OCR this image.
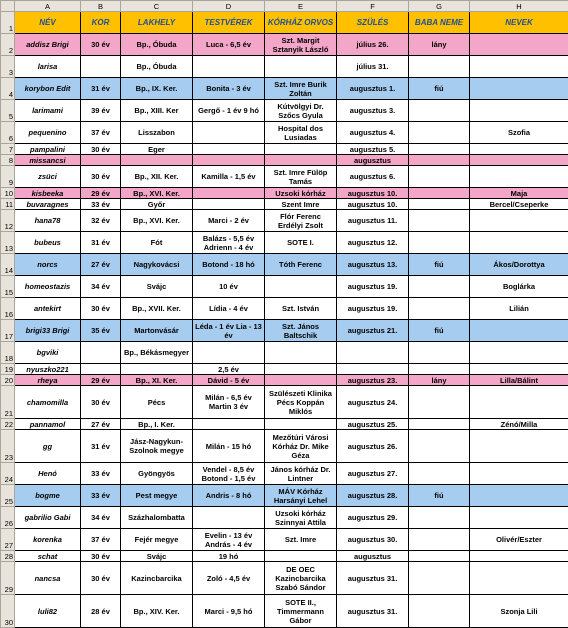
	A	B	C	D	E	F	G	H
1	NÉV	KOR	LAKHELY	TESTVÉREK	KÓRHÁZ ORVOS	SZÜLÉS	BABA NEME	NEVEK
2	addisz Brigi	30 év	Bp., Óbuda	Luca - 6,5 év	Szt. Margit Sztanyik László	július 26.	lány	
3	larisa		Bp., Óbuda			július 31.		
4	korybon Edit	31 év	Bp., IX. Ker.	Bonita - 3 év	Szt. Imre Burik Zoltán	augusztus 1.	fiú	
5	larimami	39 év	Bp., XIII. Ker	Gergő - 1 év 9 hó	Kútvölgyi Dr. Szőcs Gyula	augusztus 3.		
6	pequenino	37 év	Lisszabon		Hospital dos Lusiadas	augusztus 4.		Szofia
7	pampalini	30 év	Eger			augusztus 5.		
8	missancsi					augusztus		
9	zsüci	30 év	Bp., XII. Ker.	Kamilla - 1,5 év	Szt. Imre Fülöp Tamás	augusztus 6.		
10	kisbeeka	29 év	Bp., XVI. Ker.		Uzsoki kórház	augusztus 10.		Maja
11	buvaragnes	33 év	Győr		Szent Imre	augusztus 10.		Bercel/Cseperke
12	hana78	32 év	Bp., XVI. Ker.	Marci - 2 év	Flór Ferenc Erdélyi Zsolt	augusztus 11.		
13	bubeus	31 év	Fót	Balázs - 5,5 év Adrienn - 4 év	SOTE I.	augusztus 12.		
14	norcs	27 év	Nagykovácsi	Botond - 18 hó	Tóth Ferenc	augusztus 13.	fiú	Ákos/Dorottya
15	homeostazis	34 év	Svájc	10 év		augusztus 19.		Boglárka
16	antekirt	30 év	Bp., XVII. Ker.	Lídia - 4 év	Szt. István	augusztus 19.		Lilián
17	brigi33 Brigi	35 év	Martonvásár	Léda - 1 év Lia - 13 év	Szt. János Baltschik	augusztus 21.	fiú	
18	bgviki		Bp., Békásmegyer					
19	nyuszko221			2,5 év				
20	rheya	29 év	Bp., XI. Ker.	Dávid - 5 év		augusztus 23.	lány	Lilla/Bálint
21	chamomilla	30 év	Pécs	Milán - 6,5 év Martin 3 év	Szülészeti Klinika Pécs Koppán Miklós	augusztus 24.		
22	pannamol	27 év	Bp., I. Ker.			augusztus 25.		Zénó/Milla
23	gg	31 év	Jász-Nagykun-Szolnok megye	Milán - 15 hó	Mezőtúri Városi Kórház Dr. Mike Géza	augusztus 26.		
24	Henó	33 év	Gyöngyös	Vendel - 8,5 év Botond - 1,5 év	János kórház Dr. Lintner	augusztus 27.		
25	bogme	33 év	Pest megye	Andris - 8 hó	MÁV Kórház Harsányi Lehel	augusztus 28.	fiú	
26	gabrilio Gabi	34 év	Százhalombatta		Uzsoki kórház Szinnyai Attila	augusztus 29.		
27	korenka	37 év	Fejér megye	Evelin - 13 év András - 4 év	Szt. Imre	augusztus 30.		Olivér/Eszter
28	schat	30 év	Svájc	19 hó		augusztus		
29	nancsa	30 év	Kazincbarcika	Zoló - 4,5 év	DE OEC Kazincbarcika Szabó Sándor	augusztus 31.		
30	luli82	28 év	Bp., XIV. Ker.	Marci - 9,5 hó	SOTE II., Timmermann Gábor	augusztus 31.		Szonja Lili
